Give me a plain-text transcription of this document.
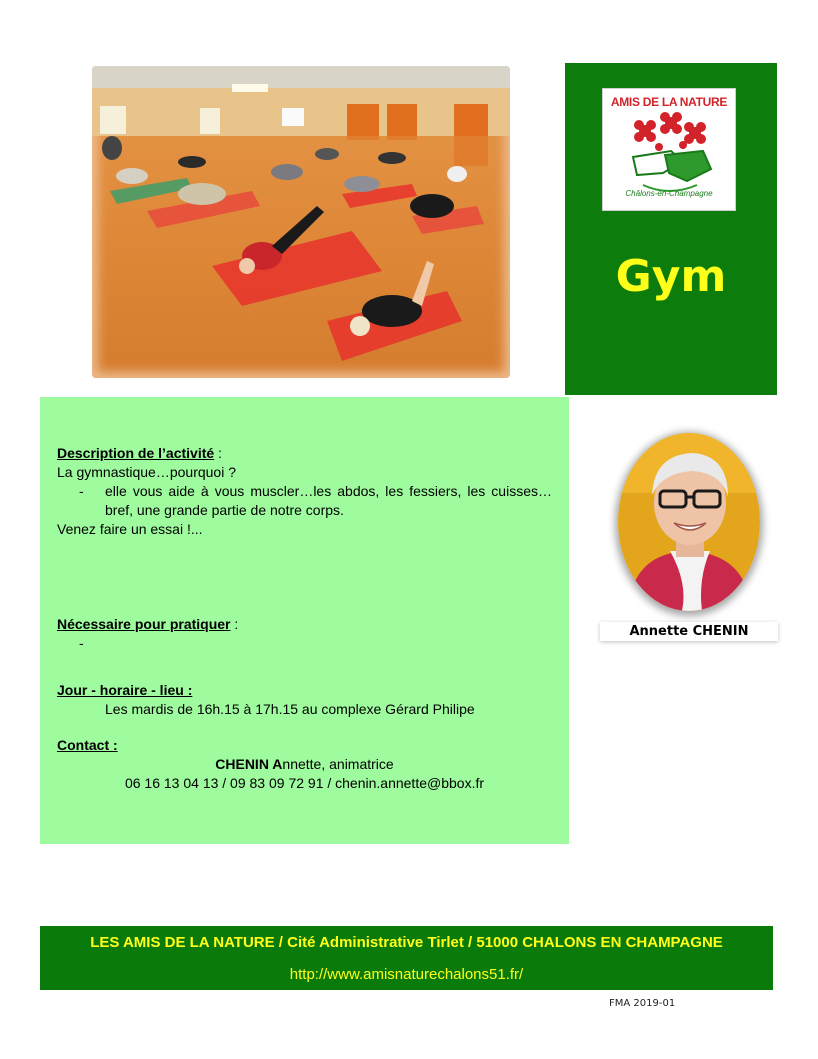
AMIS DE LA NATURE
Châlons-en-Champagne
Gym
Description de l’activité :
La gymnastique…pourquoi ?
-	elle vous aide à vous muscler…les abdos, les fessiers, les cuisses…bref, une grande partie de notre corps.
Venez faire un essai !...
Nécessaire pour pratiquer :
-
Jour - horaire - lieu :
Les mardis de 16h.15 à 17h.15 au complexe Gérard Philipe
Contact :
CHENIN Annette, animatrice
06 16 13 04 13 / 09 83 09 72 91 / chenin.annette@bbox.fr
Annette CHENIN
LES AMIS DE LA NATURE / Cité Administrative Tirlet / 51000 CHALONS EN CHAMPAGNE
http://www.amisnaturechalons51.fr/
FMA 2019-01
